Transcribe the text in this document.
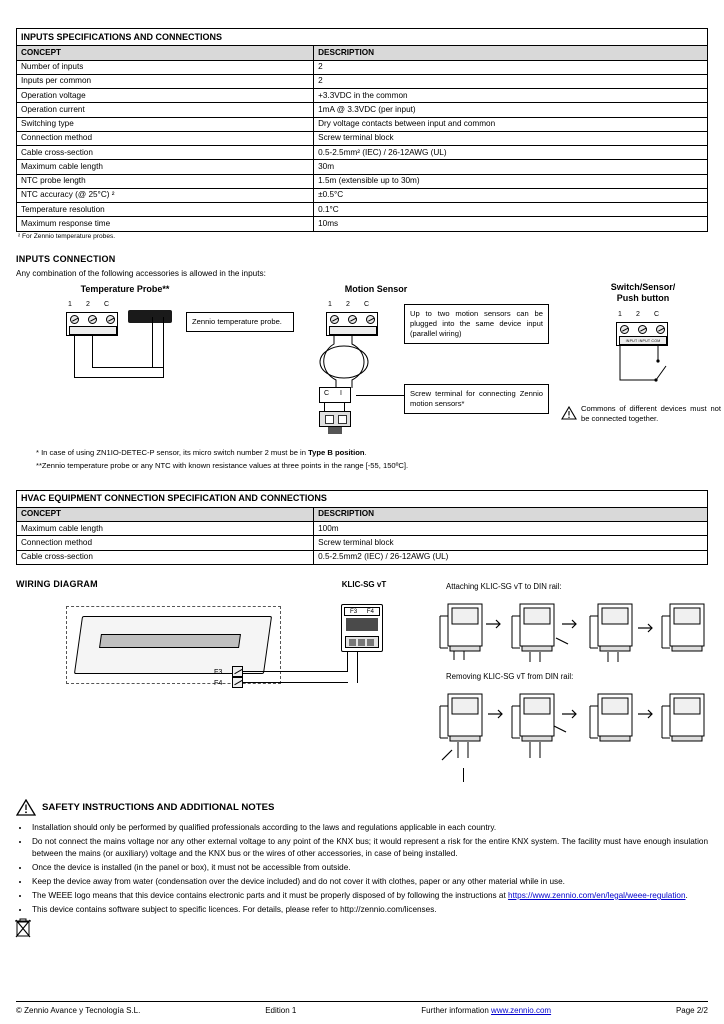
INPUTS SPECIFICATIONS AND CONNECTIONS	
CONCEPT	DESCRIPTION
Number of inputs	2
Inputs per common	2
Operation voltage	+3.3VDC in the common
Operation current	1mA @ 3.3VDC (per input)
Switching type	Dry voltage contacts between input and common
Connection method	Screw terminal block
Cable cross-section	0.5-2.5mm² (IEC) / 26-12AWG (UL)
Maximum cable length	30m
NTC probe length	1.5m (extensible up to 30m)
NTC accuracy (@ 25°C) ²	±0.5°C
Temperature resolution	0.1°C
Maximum response time	10ms
² For Zennio temperature probes.
INPUTS CONNECTION

Any combination of the following accessories is allowed in the inputs:

Temperature Probe**
1 2 C
Zennio temperature probe.
Motion Sensor
1 2 C
Up to two motion sensors can be plugged into the same device input (parallel wiring)
C I	Screw terminal for connecting Zennio motion sensors*
Switch/Sensor/
Push button
1 2 C
INPUT INPUT COM
Commons of different devices must not be connected together.
* In case of using ZN1IO-DETEC-P sensor, its micro switch number 2 must be in Type B position.
**Zennio temperature probe or any NTC with known resistance values at three points in the range [-55, 150ºC].
HVAC EQUIPMENT CONNECTION SPECIFICATION AND CONNECTIONS	
CONCEPT	DESCRIPTION
Maximum cable length	100m
Connection method	Screw terminal block
Cable cross-section	0.5-2.5mm2 (IEC) / 26-12AWG (UL)
WIRING DIAGRAM
F3
F4
KLIC-SG vT
F3 F4
Attaching KLIC-SG vT to DIN rail:
Removing KLIC-SG vT from DIN rail:
SAFETY INSTRUCTIONS AND ADDITIONAL NOTES
• Installation should only be performed by qualified professionals according to the laws and regulations applicable in each country.
• Do not connect the mains voltage nor any other external voltage to any point of the KNX bus; it would represent a risk for the entire KNX system. The facility must have enough insulation between the mains (or auxiliary) voltage and the KNX bus or the wires of other accessories, in case of being installed.
• Once the device is installed (in the panel or box), it must not be accessible from outside.
• Keep the device away from water (condensation over the device included) and do not cover it with clothes, paper or any other material while in use.
• The WEEE logo means that this device contains electronic parts and it must be properly disposed of by following the instructions at https://www.zennio.com/en/legal/weee-regulation.
• This device contains software subject to specific licences. For details, please refer to http://zennio.com/licenses.
© Zennio Avance y Tecnología S.L.	Edition 1	Further information www.zennio.com	Page 2/2
